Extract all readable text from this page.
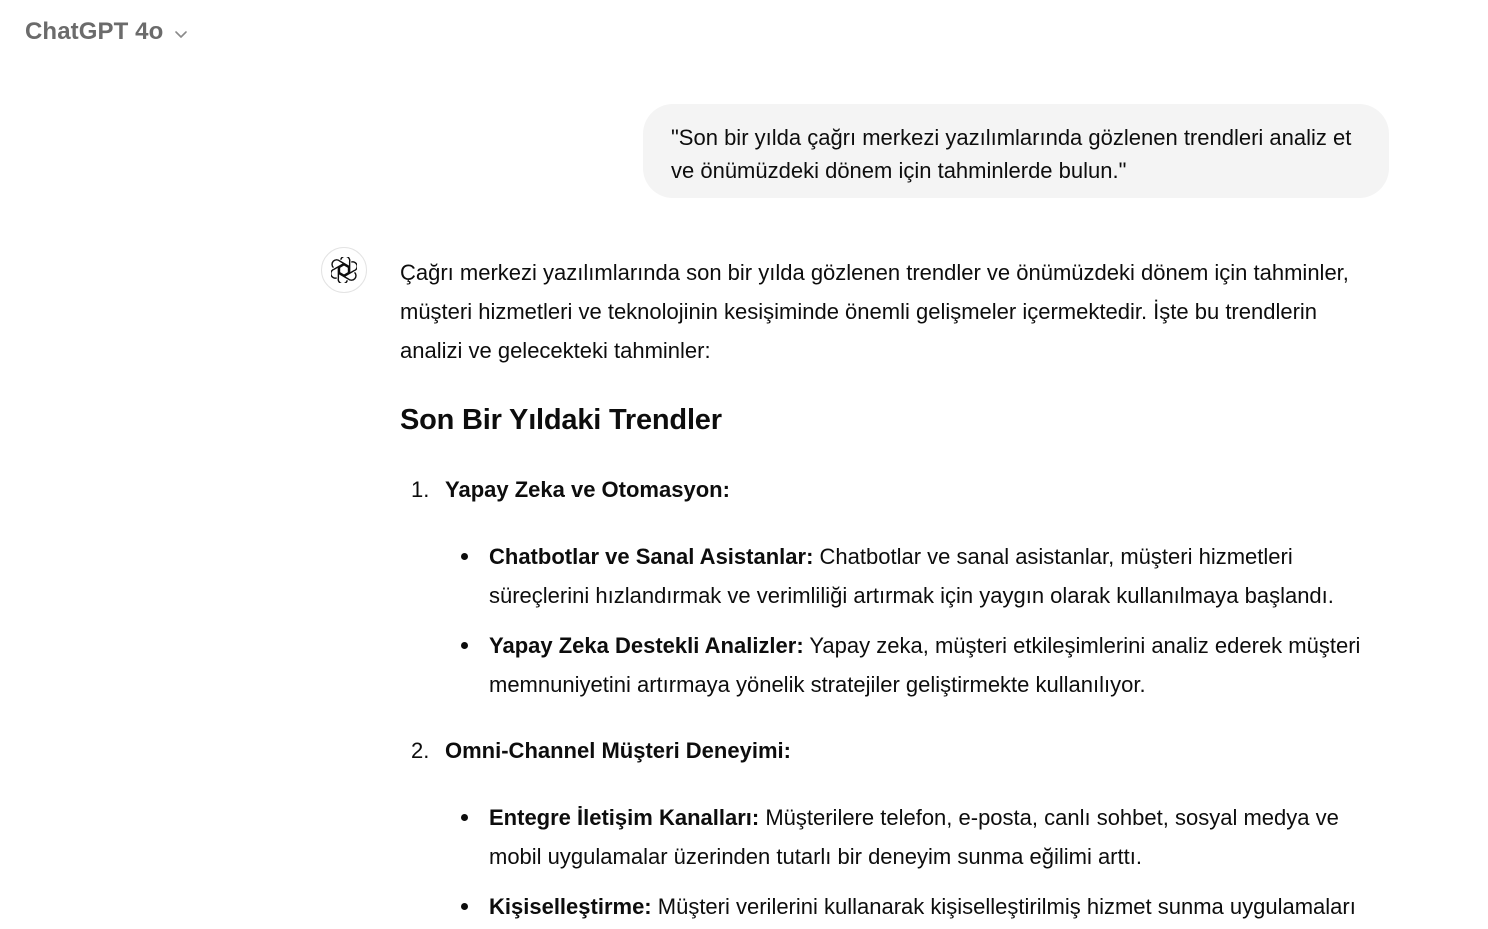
ChatGPT 4o
"Son bir yılda çağrı merkezi yazılımlarında gözlenen trendleri analiz et ve önümüzdeki dönem için tahminlerde bulun."

Çağrı merkezi yazılımlarında son bir yılda gözlenen trendler ve önümüzdeki dönem için tahminler, müşteri hizmetleri ve teknolojinin kesişiminde önemli gelişmeler içermektedir. İşte bu trendlerin analizi ve gelecekteki tahminler:

Son Bir Yıldaki Trendler
1. Yapay Zeka ve Otomasyon:
Chatbotlar ve Sanal Asistanlar: Chatbotlar ve sanal asistanlar, müşteri hizmetleri süreçlerini hızlandırmak ve verimliliği artırmak için yaygın olarak kullanılmaya başlandı.
Yapay Zeka Destekli Analizler: Yapay zeka, müşteri etkileşimlerini analiz ederek müşteri memnuniyetini artırmaya yönelik stratejiler geliştirmekte kullanılıyor.
2. Omni-Channel Müşteri Deneyimi:
Entegre İletişim Kanalları: Müşterilere telefon, e-posta, canlı sohbet, sosyal medya ve mobil uygulamalar üzerinden tutarlı bir deneyim sunma eğilimi arttı.
Kişiselleştirme: Müşteri verilerini kullanarak kişiselleştirilmiş hizmet sunma uygulamaları
